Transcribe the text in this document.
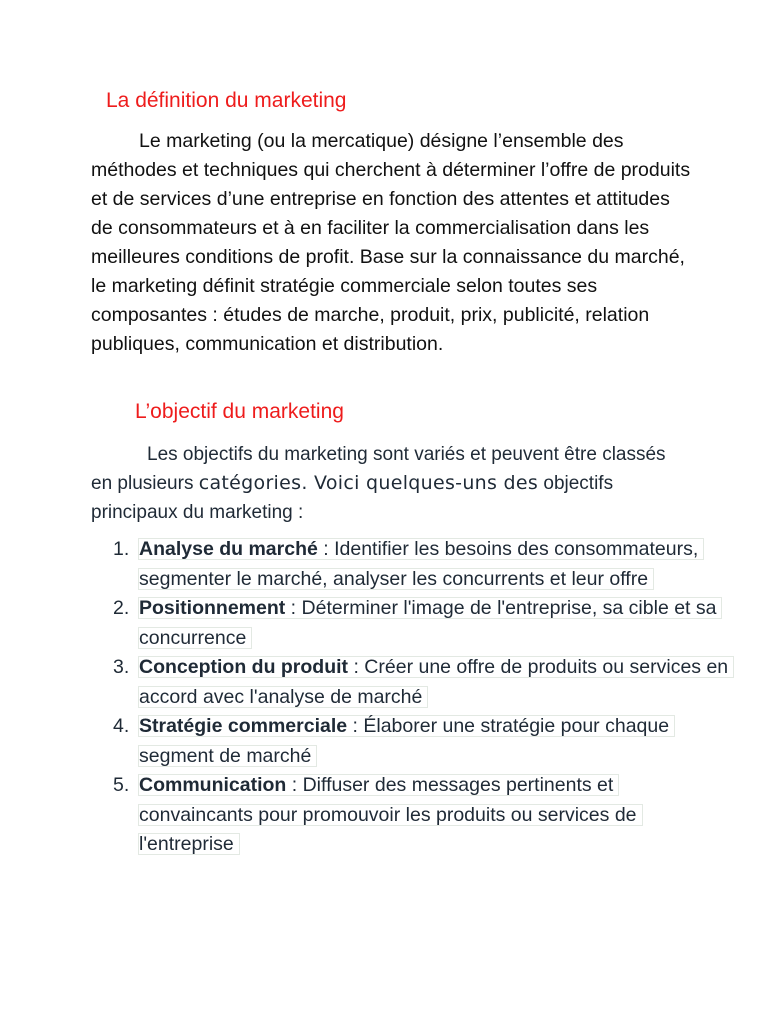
La définition du marketing

Le marketing (ou la mercatique) désigne l’ensemble des méthodes et techniques qui cherchent à déterminer l’offre de produits et de services d’une entreprise en fonction des attentes et attitudes de consommateurs et à en faciliter la commercialisation dans les meilleures conditions de profit. Base sur la connaissance du marché, le marketing définit stratégie commerciale selon toutes ses composantes : études de marche, produit, prix, publicité, relation publiques, communication et distribution.

L’objectif du marketing

Les objectifs du marketing sont variés et peuvent être classés en plusieurs catégories. Voici quelques-uns des objectifs principaux du marketing :

1. Analyse du marché : Identifier les besoins des consommateurs, segmenter le marché, analyser les concurrents et leur offre
2. Positionnement : Déterminer l'image de l'entreprise, sa cible et sa concurrence
3. Conception du produit : Créer une offre de produits ou services en accord avec l'analyse de marché
4. Stratégie commerciale : Élaborer une stratégie pour chaque segment de marché
5. Communication : Diffuser des messages pertinents et convaincants pour promouvoir les produits ou services de l'entreprise
